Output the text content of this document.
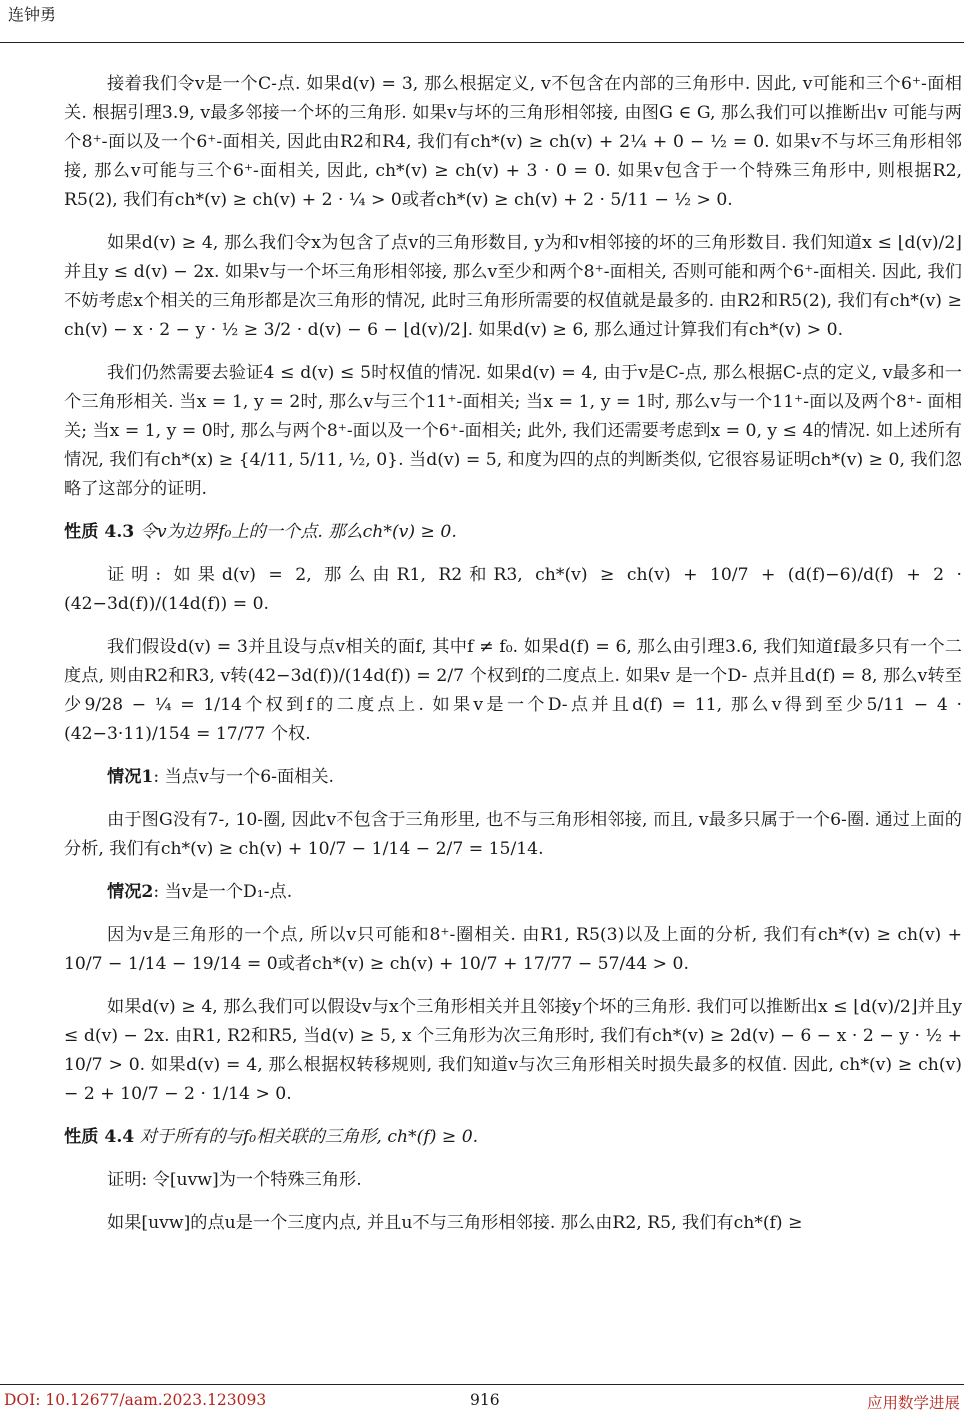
连钟勇

接着我们令v是一个C-点. 如果d(v) = 3, 那么根据定义, v不包含在内部的三角形中. 因此, v可能和三个6⁺-面相关. 根据引理3.9, v最多邻接一个坏的三角形. 如果v与坏的三角形相邻接, 由图G ∈ G, 那么我们可以推断出v 可能与两个8⁺-面以及一个6⁺-面相关, 因此由R2和R4, 我们有ch*(v) ≥ ch(v) + 2¼ + 0 − ½ = 0. 如果v不与坏三角形相邻接, 那么v可能与三个6⁺-面相关, 因此, ch*(v) ≥ ch(v) + 3 · 0 = 0. 如果v包含于一个特殊三角形中, 则根据R2, R5(2), 我们有ch*(v) ≥ ch(v) + 2 · ¼ > 0或者ch*(v) ≥ ch(v) + 2 · 5/11 − ½ > 0.

如果d(v) ≥ 4, 那么我们令x为包含了点v的三角形数目, y为和v相邻接的坏的三角形数目. 我们知道x ≤ ⌊d(v)/2⌋并且y ≤ d(v) − 2x. 如果v与一个坏三角形相邻接, 那么v至少和两个8⁺-面相关, 否则可能和两个6⁺-面相关. 因此, 我们不妨考虑x个相关的三角形都是次三角形的情况, 此时三角形所需要的权值就是最多的. 由R2和R5(2), 我们有ch*(v) ≥ ch(v) − x · 2 − y · ½ ≥ 3/2 · d(v) − 6 − ⌊d(v)/2⌋. 如果d(v) ≥ 6, 那么通过计算我们有ch*(v) > 0.

我们仍然需要去验证4 ≤ d(v) ≤ 5时权值的情况. 如果d(v) = 4, 由于v是C-点, 那么根据C-点的定义, v最多和一个三角形相关. 当x = 1, y = 2时, 那么v与三个11⁺-面相关; 当x = 1, y = 1时, 那么v与一个11⁺-面以及两个8⁺- 面相关; 当x = 1, y = 0时, 那么与两个8⁺-面以及一个6⁺-面相关; 此外, 我们还需要考虑到x = 0, y ≤ 4的情况. 如上述所有情况, 我们有ch*(x) ≥ {4/11, 5/11, ½, 0}. 当d(v) = 5, 和度为四的点的判断类似, 它很容易证明ch*(v) ≥ 0, 我们忽略了这部分的证明.

性质 4.3 令v为边界f₀上的一个点. 那么ch*(v) ≥ 0.

证明: 如果d(v) = 2, 那么由R1, R2和R3, ch*(v) ≥ ch(v) + 10/7 + (d(f)−6)/d(f) + 2 · (42−3d(f))/(14d(f)) = 0.

我们假设d(v) = 3并且设与点v相关的面f, 其中f ≠ f₀. 如果d(f) = 6, 那么由引理3.6, 我们知道f最多只有一个二度点, 则由R2和R3, v转(42−3d(f))/(14d(f)) = 2/7 个权到f的二度点上. 如果v 是一个D- 点并且d(f) = 8, 那么v转至少9/28 − ¼ = 1/14个权到f的二度点上. 如果v是一个D-点并且d(f) = 11, 那么v得到至少5/11 − 4 · (42−3·11)/154 = 17/77 个权.

情况1: 当点v与一个6-面相关.

由于图G没有7-, 10-圈, 因此v不包含于三角形里, 也不与三角形相邻接, 而且, v最多只属于一个6-圈. 通过上面的分析, 我们有ch*(v) ≥ ch(v) + 10/7 − 1/14 − 2/7 = 15/14.

情况2: 当v是一个D₁-点.

因为v是三角形的一个点, 所以v只可能和8⁺-圈相关. 由R1, R5(3)以及上面的分析, 我们有ch*(v) ≥ ch(v) + 10/7 − 1/14 − 19/14 = 0或者ch*(v) ≥ ch(v) + 10/7 + 17/77 − 57/44 > 0.

如果d(v) ≥ 4, 那么我们可以假设v与x个三角形相关并且邻接y个坏的三角形. 我们可以推断出x ≤ ⌊d(v)/2⌋并且y ≤ d(v) − 2x. 由R1, R2和R5, 当d(v) ≥ 5, x 个三角形为次三角形时, 我们有ch*(v) ≥ 2d(v) − 6 − x · 2 − y · ½ + 10/7 > 0. 如果d(v) = 4, 那么根据权转移规则, 我们知道v与次三角形相关时损失最多的权值. 因此, ch*(v) ≥ ch(v) − 2 + 10/7 − 2 · 1/14 > 0.

性质 4.4 对于所有的与f₀相关联的三角形, ch*(f) ≥ 0.

证明: 令[uvw]为一个特殊三角形.

如果[uvw]的点u是一个三度内点, 并且u不与三角形相邻接. 那么由R2, R5, 我们有ch*(f) ≥

DOI: 10.12677/aam.2023.123093	916	应用数学进展
